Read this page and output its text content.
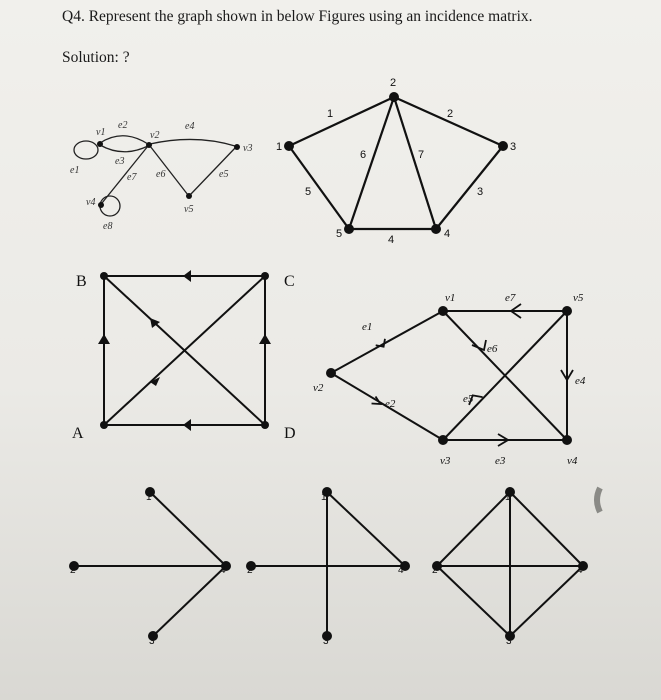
Q4. Represent the graph shown in below Figures using an incidence matrix.
Solution: ?
v1	v2
v3
v4
v5
e1
e2
e3
e4
e5
e6
e7
e8
1
2
3
4
5
1	2
3
4
5
6	7
B	C
A	D
v1
v2
v5
v3	v4
e1
e2
e3
e4
e5
e6
e7
1
2
3
4
1
2
3
4
1
2
3
4
